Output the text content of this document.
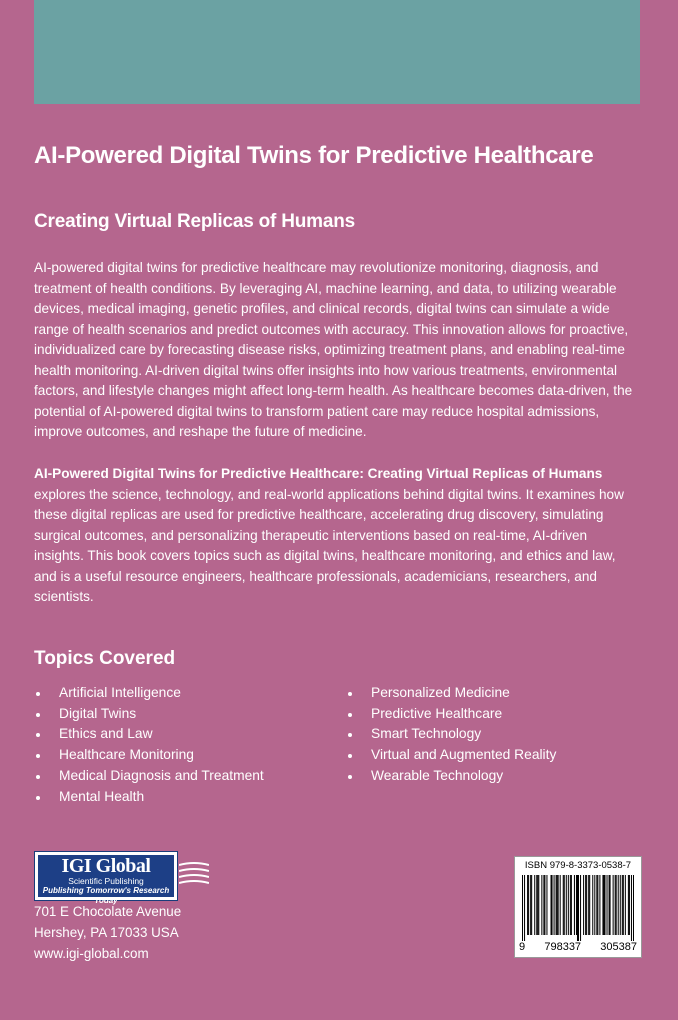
AI-Powered Digital Twins for Predictive Healthcare
Creating Virtual Replicas of Humans

AI-powered digital twins for predictive healthcare may revolutionize monitoring, diagnosis, and treatment of health conditions. By leveraging AI, machine learning, and data, to utilizing wearable devices, medical imaging, genetic profiles, and clinical records, digital twins can simulate a wide range of health scenarios and predict outcomes with accuracy. This innovation allows for proactive, individualized care by forecasting disease risks, optimizing treatment plans, and enabling real-time health monitoring. AI-driven digital twins offer insights into how various treatments, environmental factors, and lifestyle changes might affect long-term health. As healthcare becomes data-driven, the potential of AI-powered digital twins to transform patient care may reduce hospital admissions, improve outcomes, and reshape the future of medicine.

AI-Powered Digital Twins for Predictive Healthcare: Creating Virtual Replicas of Humans explores the science, technology, and real-world applications behind digital twins. It examines how these digital replicas are used for predictive healthcare, accelerating drug discovery, simulating surgical outcomes, and personalizing therapeutic interventions based on real-time, AI-driven insights. This book covers topics such as digital twins, healthcare monitoring, and ethics and law, and is a useful resource engineers, healthcare professionals, academicians, researchers, and scientists.

Topics Covered
Artificial Intelligence
Digital Twins
Ethics and Law
Healthcare Monitoring
Medical Diagnosis and Treatment
Mental Health
Personalized Medicine
Predictive Healthcare
Smart Technology
Virtual and Augmented Reality
Wearable Technology
IGI Global
Scientific Publishing
Publishing Tomorrow's Research Today
701 E Chocolate Avenue
Hershey, PA 17033 USA
www.igi-global.com
ISBN 979-8-3373-0538-7
9 798337 305387
